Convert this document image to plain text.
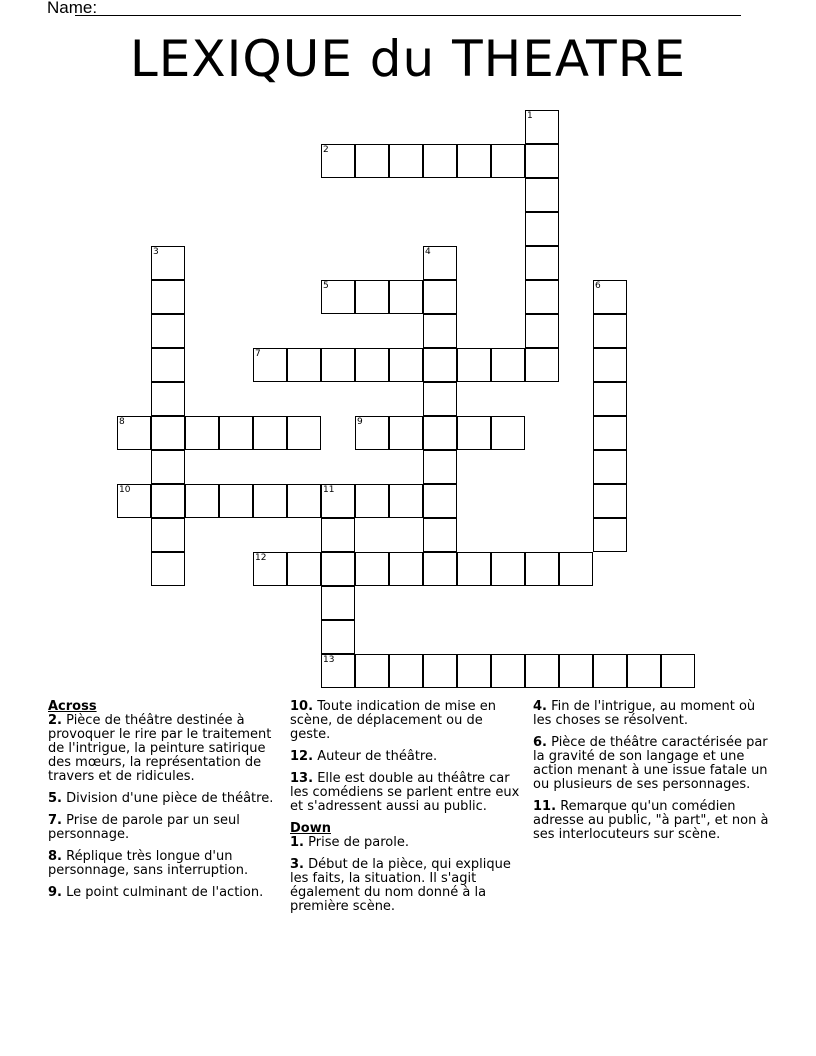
Name:
LEXIQUE du THEATRE
1
2
3	4
5	6
7
8	9
10	11
13
12
Across
2. Pièce de théâtre destinée à provoquer le rire par le traitement de l'intrigue, la peinture satirique des mœurs, la représentation de travers et de ridicules.
5. Division d'une pièce de théâtre.
7. Prise de parole par un seul personnage.
8. Réplique très longue d'un personnage, sans interruption.
9. Le point culminant de l'action.
10. Toute indication de mise en scène, de déplacement ou de geste.
12. Auteur de théâtre.
13. Elle est double au théâtre car les comédiens se parlent entre eux et s'adressent aussi au public.
Down
1. Prise de parole.
3. Début de la pièce, qui explique les faits, la situation. Il s'agit également du nom donné à la première scène.
4. Fin de l'intrigue, au moment où les choses se résolvent.
6. Pièce de théâtre caractérisée par la gravité de son langage et une action menant à une issue fatale un ou plusieurs de ses personnages.
11. Remarque qu'un comédien adresse au public, "à part", et non à ses interlocuteurs sur scène.
